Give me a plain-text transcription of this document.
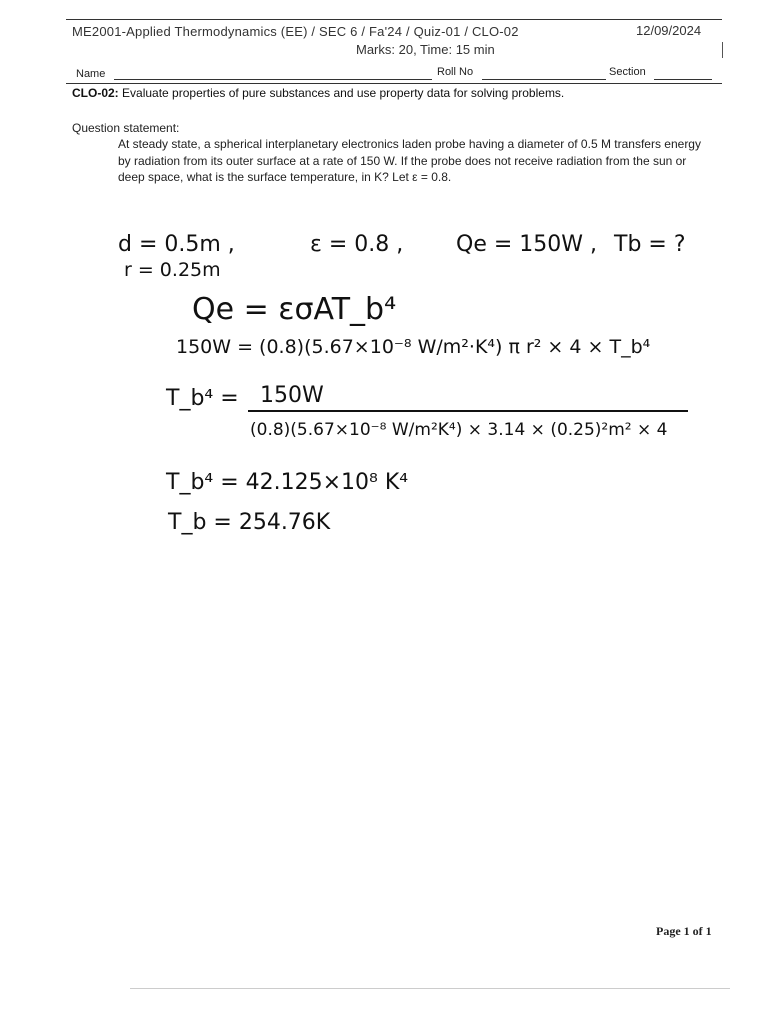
ME2001-Applied Thermodynamics (EE) / SEC 6 / Fa'24 / Quiz-01 / CLO-02	12/09/2024
Marks: 20, Time: 15 min
Name	Roll No	Section
CLO-02: Evaluate properties of pure substances and use property data for solving problems.
Question statement:
At steady state, a spherical interplanetary electronics laden probe having a diameter of 0.5 M transfers energy by radiation from its outer surface at a rate of 150 W. If the probe does not receive radiation from the sun or deep space, what is the surface temperature, in K? Let ε = 0.8.
d = 0.5m ,	ε = 0.8 , Qe = 150W , Tb = ?
r = 0.25m
Qe = εσAT_b⁴
150W = (0.8)(5.67×10⁻⁸ W/m²·K⁴) π r² × 4 × T_b⁴
T_b⁴ = 150W
(0.8)(5.67×10⁻⁸ W/m²K⁴) × 3.14 × (0.25)²m² × 4
T_b⁴ = 42.125×10⁸ K⁴
T_b = 254.76K
Page 1 of 1
